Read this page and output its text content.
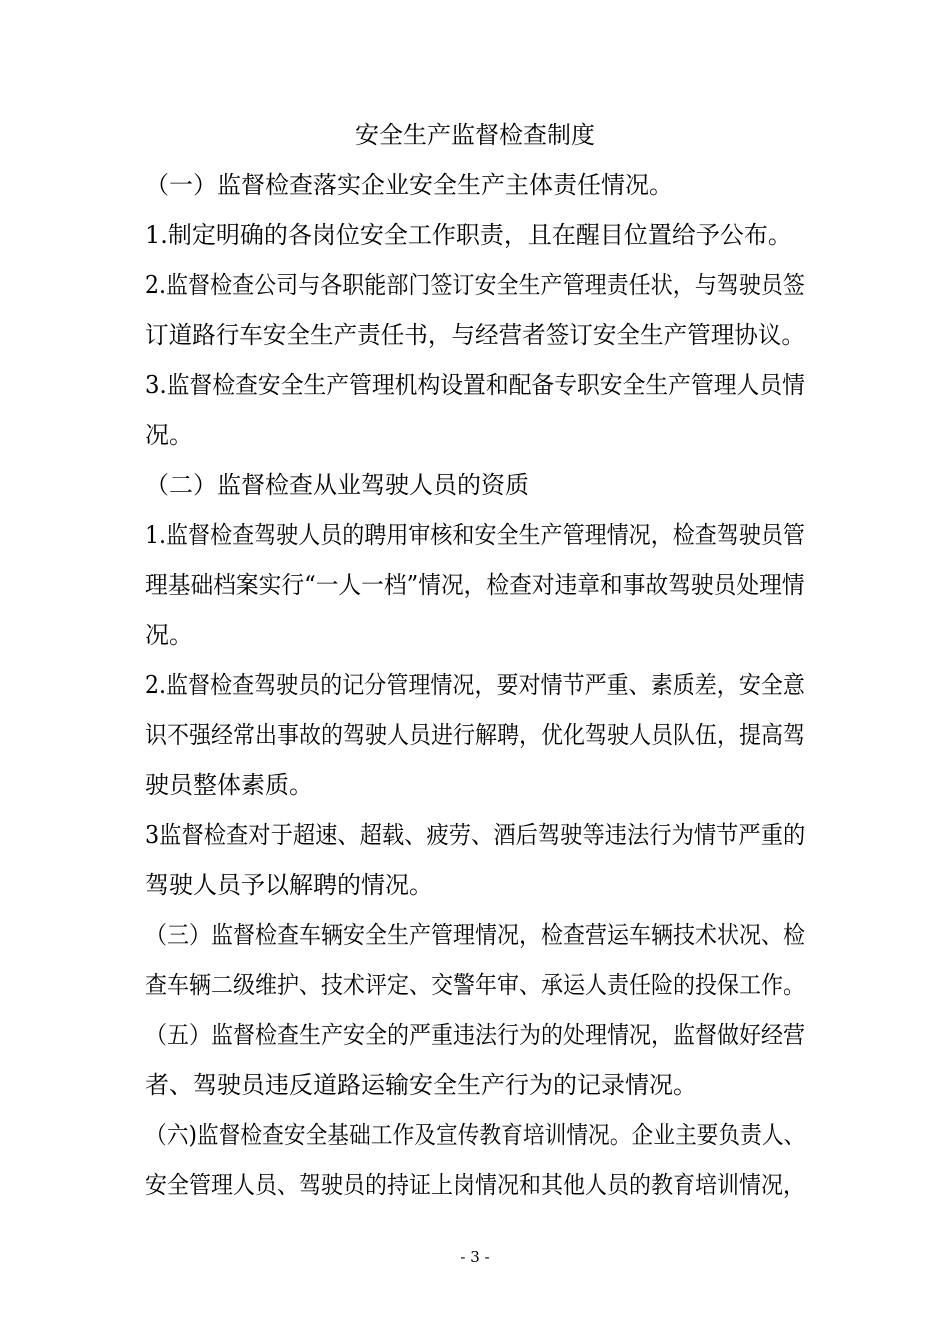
安全生产监督检查制度
（一）监督检查落实企业安全生产主体责任情况。
1.制定明确的各岗位安全工作职责，且在醒目位置给予公布。
2.监督检查公司与各职能部门签订安全生产管理责任状，与驾驶员签
订道路行车安全生产责任书，与经营者签订安全生产管理协议。
3.监督检查安全生产管理机构设置和配备专职安全生产管理人员情
况。
（二）监督检查从业驾驶人员的资质
1.监督检查驾驶人员的聘用审核和安全生产管理情况，检查驾驶员管
理基础档案实行“一人一档”情况，检查对违章和事故驾驶员处理情
况。
2.监督检查驾驶员的记分管理情况，要对情节严重、素质差，安全意
识不强经常出事故的驾驶人员进行解聘，优化驾驶人员队伍，提高驾
驶员整体素质。
3监督检查对于超速、超载、疲劳、酒后驾驶等违法行为情节严重的
驾驶人员予以解聘的情况。
（三）监督检查车辆安全生产管理情况，检查营运车辆技术状况、检
查车辆二级维护、技术评定、交警年审、承运人责任险的投保工作。
（五）监督检查生产安全的严重违法行为的处理情况，监督做好经营
者、驾驶员违反道路运输安全生产行为的记录情况。
（六)监督检查安全基础工作及宣传教育培训情况。企业主要负责人、
安全管理人员、驾驶员的持证上岗情况和其他人员的教育培训情况，
- 3 -
